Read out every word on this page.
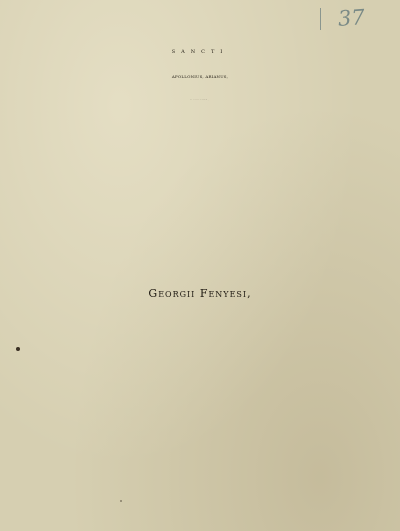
37
SANCTI
APOLLONIUS, ARIANUS,
& PHILÆMON,
Georgii Fenyesi,
